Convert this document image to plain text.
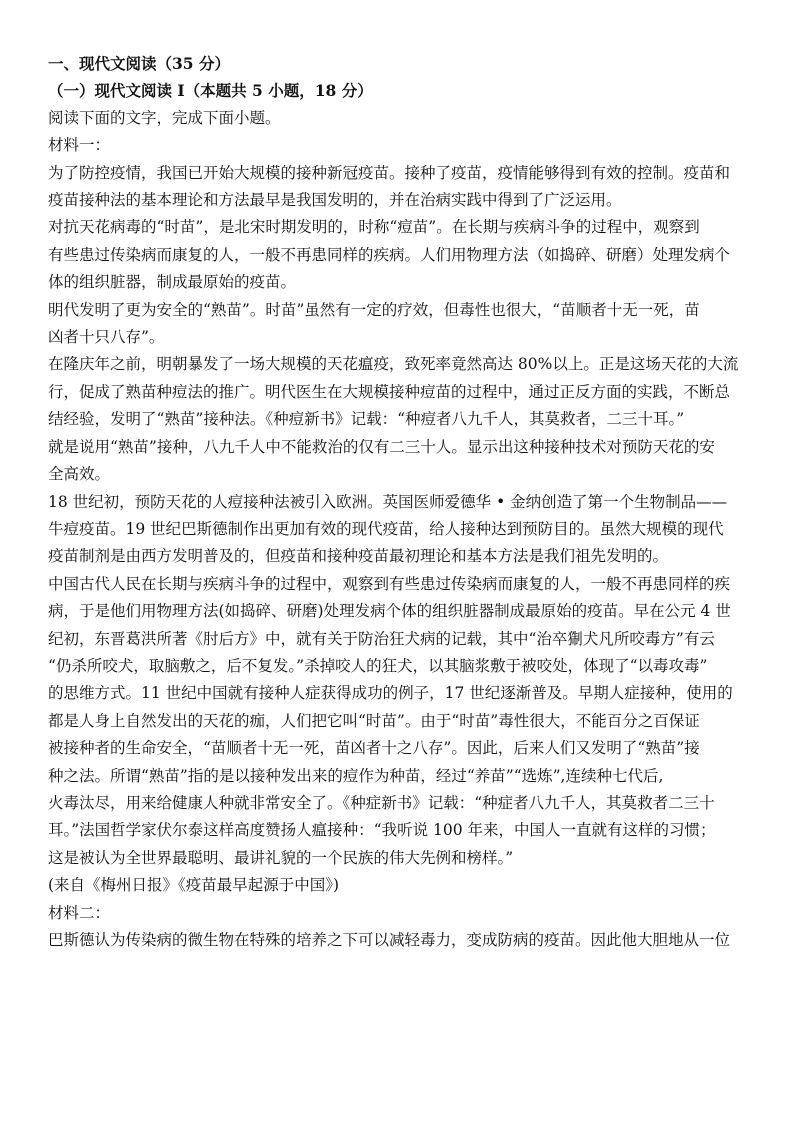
一、现代文阅读（35 分）
（一）现代文阅读 I（本题共 5 小题，18 分）
阅读下面的文字，完成下面小题。
材料一：
为了防控疫情，我国已开始大规模的接种新冠疫苗。接种了疫苗，疫情能够得到有效的控制。疫苗和
疫苗接种法的基本理论和方法最早是我国发明的，并在治病实践中得到了广泛运用。
对抗天花病毒的“时苗”，是北宋时期发明的，时称“痘苗”。在长期与疾病斗争的过程中，观察到
有些患过传染病而康复的人，一般不再患同样的疾病。人们用物理方法（如捣碎、研磨）处理发病个
体的组织脏器，制成最原始的疫苗。
明代发明了更为安全的“熟苗”。时苗”虽然有一定的疗效，但毒性也很大，“苗顺者十无一死，苗
凶者十只八存”。
在隆庆年之前，明朝暴发了一场大规模的天花瘟疫，致死率竟然高达 80%以上。正是这场天花的大流
行，促成了熟苗种痘法的推广。明代医生在大规模接种痘苗的过程中，通过正反方面的实践，不断总
结经验，发明了“熟苗”接种法。《种痘新书》记载：“种痘者八九千人，其莫救者，二三十耳。”
就是说用“熟苗”接种，八九千人中不能救治的仅有二三十人。显示出这种接种技术对预防天花的安
全高效。
18 世纪初，预防天花的人痘接种法被引入欧洲。英国医师爱德华 • 金纳创造了第一个生物制品——
牛痘疫苗。19 世纪巴斯德制作出更加有效的现代疫苗，给人接种达到预防目的。虽然大规模的现代
疫苗制剂是由西方发明普及的，但疫苗和接种疫苗最初理论和基本方法是我们祖先发明的。
中国古代人民在长期与疾病斗争的过程中，观察到有些患过传染病而康复的人，一般不再患同样的疾
病，于是他们用物理方法(如捣碎、研磨)处理发病个体的组织脏器制成最原始的疫苗。早在公元 4 世
纪初，东晋葛洪所著《肘后方》中，就有关于防治狂犬病的记载，其中“治卒猘犬凡所咬毒方”有云
“仍杀所咬犬，取脑敷之，后不复发。”杀掉咬人的狂犬，以其脑浆敷于被咬处，体现了“以毒攻毒”
的思维方式。11 世纪中国就有接种人症获得成功的例子，17 世纪逐渐普及。早期人症接种，使用的
都是人身上自然发出的天花的痂，人们把它叫“时苗”。由于“时苗”毒性很大，不能百分之百保证
被接种者的生命安全，“苗顺者十无一死，苗凶者十之八存”。因此，后来人们又发明了“熟苗”接
种之法。所谓“熟苗”指的是以接种发出来的痘作为种苗，经过“养苗”“选炼”,连续种七代后,
火毒汰尽，用来给健康人种就非常安全了。《种症新书》记载：“种症者八九千人，其莫救者二三十
耳。”法国哲学家伏尔泰这样高度赞扬人瘟接种：“我听说 100 年来，中国人一直就有这样的习惯；
这是被认为全世界最聪明、最讲礼貌的一个民族的伟大先例和榜样。”
(来自《梅州日报》《疫苗最早起源于中国》)
材料二：
巴斯德认为传染病的微生物在特殊的培养之下可以减轻毒力，变成防病的疫苗。因此他大胆地从一位
